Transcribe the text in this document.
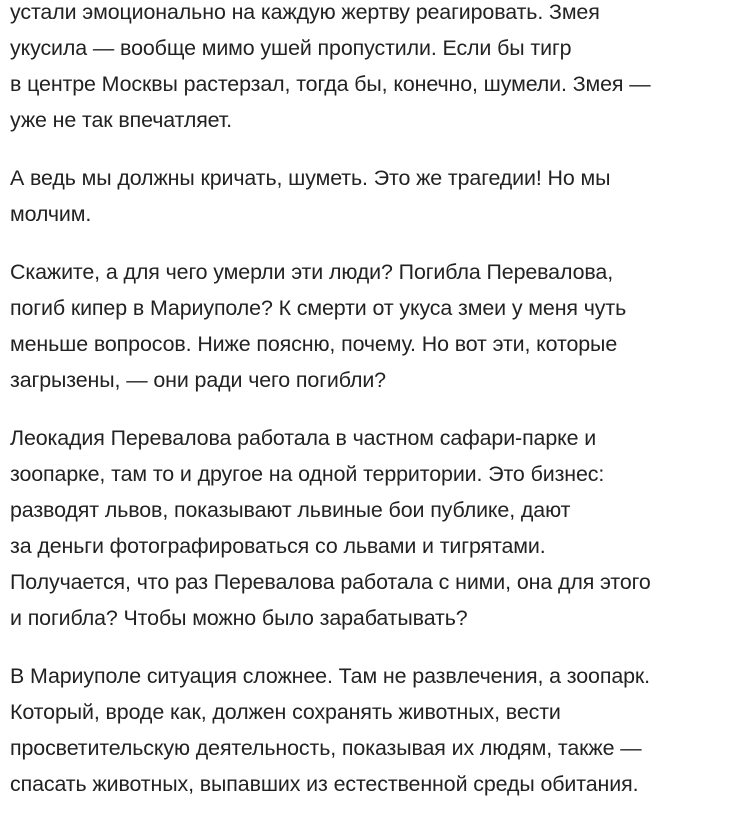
устали эмоционально на каждую жертву реагировать. Змея
укусила — вообще мимо ушей пропустили. Если бы тигр
в центре Москвы растерзал, тогда бы, конечно, шумели. Змея —
уже не так впечатляет.

А ведь мы должны кричать, шуметь. Это же трагедии! Но мы
молчим.

Скажите, а для чего умерли эти люди? Погибла Перевалова,
погиб кипер в Мариуполе? К смерти от укуса змеи у меня чуть
меньше вопросов. Ниже поясню, почему. Но вот эти, которые
загрызены, — они ради чего погибли?

Леокадия Перевалова работала в частном сафари-парке и
зоопарке, там то и другое на одной территории. Это бизнес:
разводят львов, показывают львиные бои публике, дают
за деньги фотографироваться со львами и тигрятами.
Получается, что раз Перевалова работала с ними, она для этого
и погибла? Чтобы можно было зарабатывать?

В Мариуполе ситуация сложнее. Там не развлечения, а зоопарк.
Который, вроде как, должен сохранять животных, вести
просветительскую деятельность, показывая их людям, также —
спасать животных, выпавших из естественной среды обитания.
